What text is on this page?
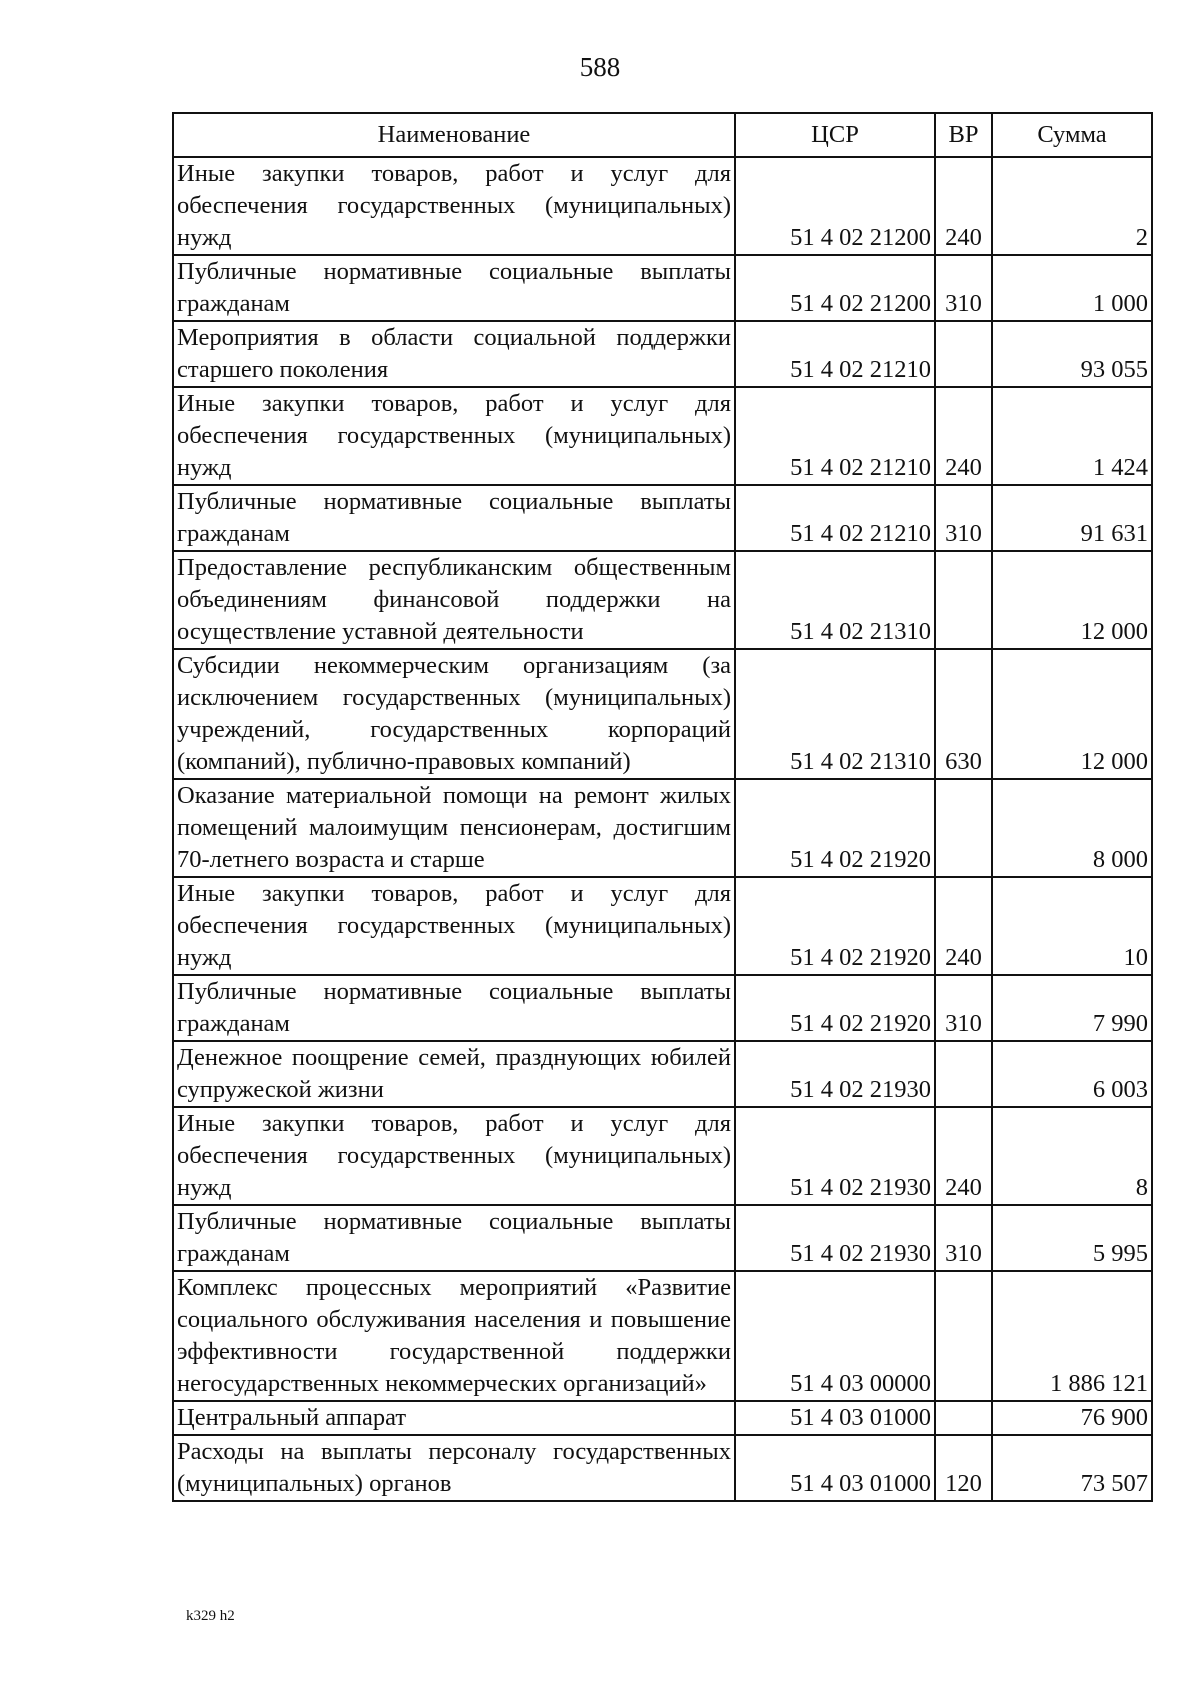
588
Наименование	ЦСР	ВР	Сумма
Иные закупки товаров, работ и услуг для обеспечения государственных (муниципальных) нужд	51 4 02 21200	240	2
Публичные нормативные социальные выплаты гражданам	51 4 02 21200	310	1 000
Мероприятия в области социальной поддержки старшего поколения	51 4 02 21210		93 055
Иные закупки товаров, работ и услуг для обеспечения государственных (муниципальных) нужд	51 4 02 21210	240	1 424
Публичные нормативные социальные выплаты гражданам	51 4 02 21210	310	91 631
Предоставление республиканским общественным объединениям финансовой поддержки на осуществление уставной деятельности	51 4 02 21310		12 000
Субсидии некоммерческим организациям (за исключением государственных (муниципальных) учреждений, государственных корпораций (компаний), публично-правовых компаний)	51 4 02 21310	630	12 000
Оказание материальной помощи на ремонт жилых помещений малоимущим пенсионерам, достигшим 70-летнего возраста и старше	51 4 02 21920		8 000
Иные закупки товаров, работ и услуг для обеспечения государственных (муниципальных) нужд	51 4 02 21920	240	10
Публичные нормативные социальные выплаты гражданам	51 4 02 21920	310	7 990
Денежное поощрение семей, празднующих юбилей супружеской жизни	51 4 02 21930		6 003
Иные закупки товаров, работ и услуг для обеспечения государственных (муниципальных) нужд	51 4 02 21930	240	8
Публичные нормативные социальные выплаты гражданам	51 4 02 21930	310	5 995
Комплекс процессных мероприятий «Развитие социального обслуживания населения и повышение эффективности государственной поддержки негосударственных некоммерческих организаций»	51 4 03 00000		1 886 121
Центральный аппарат	51 4 03 01000		76 900
Расходы на выплаты персоналу государственных (муниципальных) органов	51 4 03 01000	120	73 507
k329 h2
